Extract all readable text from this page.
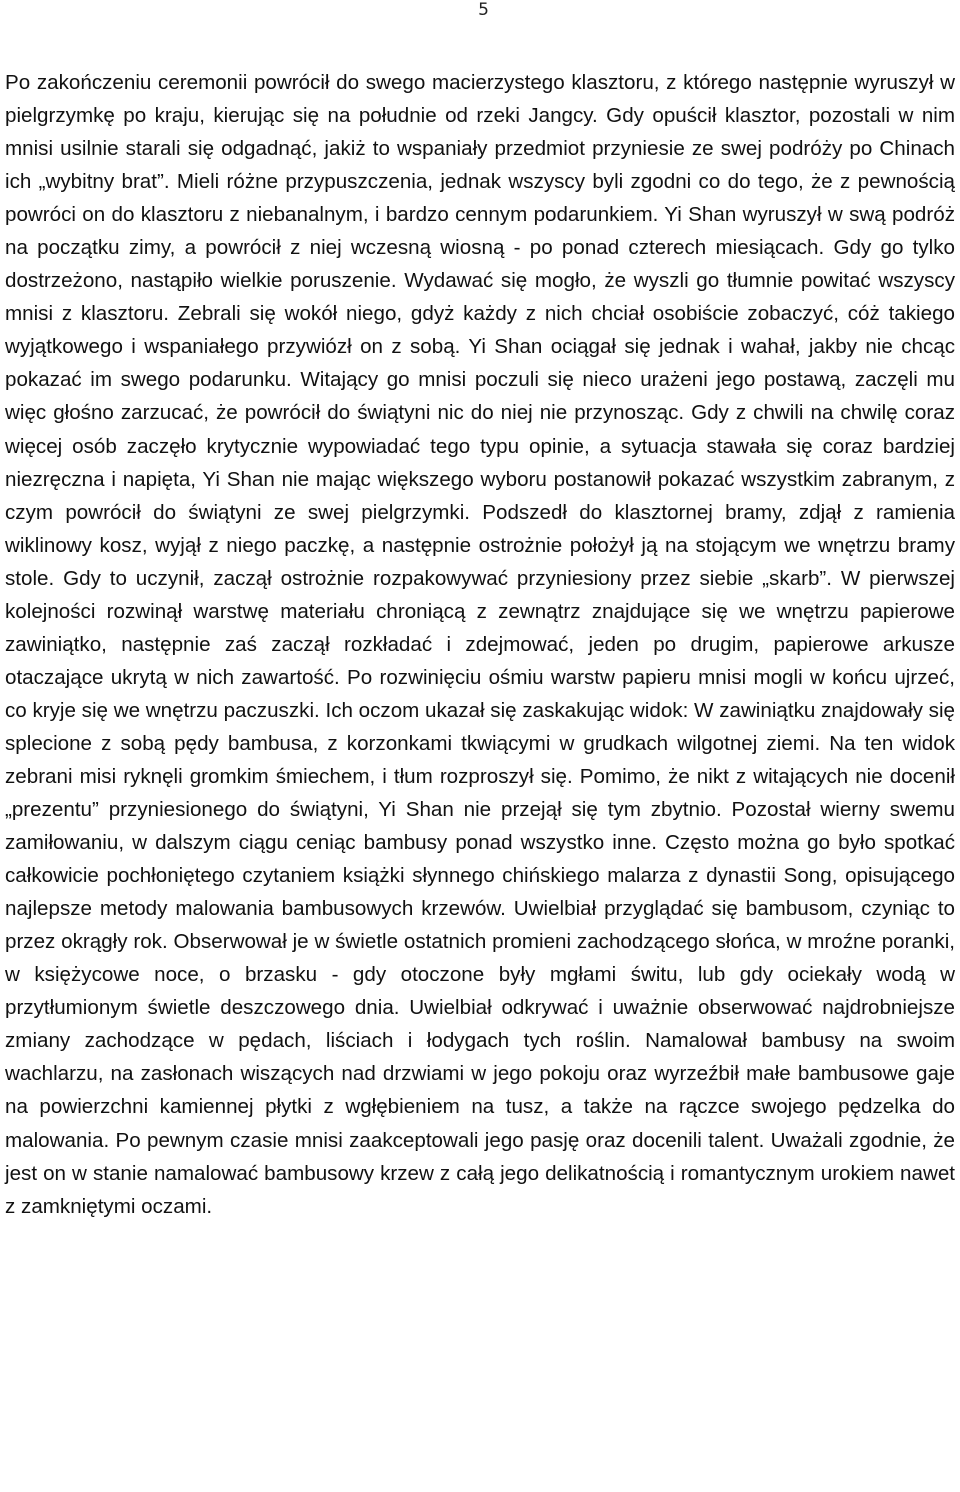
5

Po zakończeniu ceremonii powrócił do swego macierzystego klasztoru, z którego następnie wyruszył w pielgrzymkę po kraju, kierując się na południe od rzeki Jangcy. Gdy opuścił klasztor, pozostali w nim mnisi usilnie starali się odgadnąć, jakiż to wspaniały przedmiot przyniesie ze swej podróży po Chinach ich „wybitny brat”. Mieli różne przypuszczenia, jednak wszyscy byli zgodni co do tego, że z pewnością powróci on do klasztoru z niebanalnym, i bardzo cennym podarunkiem. Yi Shan wyruszył w swą podróż na początku zimy, a powrócił z niej wczesną wiosną - po ponad czterech miesiącach. Gdy go tylko dostrzeżono, nastąpiło wielkie poruszenie. Wydawać się mogło, że wyszli go tłumnie powitać wszyscy mnisi z klasztoru. Zebrali się wokół niego, gdyż każdy z nich chciał osobiście zobaczyć, cóż takiego wyjątkowego i wspaniałego przywiózł on z sobą. Yi Shan ociągał się jednak i wahał, jakby nie chcąc pokazać im swego podarunku. Witający go mnisi poczuli się nieco urażeni jego postawą, zaczęli mu więc głośno zarzucać, że powrócił do świątyni nic do niej nie przynosząc. Gdy z chwili na chwilę coraz więcej osób zaczęło krytycznie wypowiadać tego typu opinie, a sytuacja stawała się coraz bardziej niezręczna i napięta, Yi Shan nie mając większego wyboru postanowił pokazać wszystkim zabranym, z czym powrócił do świątyni ze swej pielgrzymki. Podszedł do klasztornej bramy, zdjął z ramienia wiklinowy kosz, wyjął z niego paczkę, a następnie ostrożnie położył ją na stojącym we wnętrzu bramy stole. Gdy to uczynił, zaczął ostrożnie rozpakowywać przyniesiony przez siebie „skarb”. W pierwszej kolejności rozwinął warstwę materiału chroniącą z zewnątrz znajdujące się we wnętrzu papierowe zawiniątko, następnie zaś zaczął rozkładać i zdejmować, jeden po drugim, papierowe arkusze otaczające ukrytą w nich zawartość. Po rozwinięciu ośmiu warstw papieru mnisi mogli w końcu ujrzeć, co kryje się we wnętrzu paczuszki. Ich oczom ukazał się zaskakując widok: W zawiniątku znajdowały się splecione z sobą pędy bambusa, z korzonkami tkwiącymi w grudkach wilgotnej ziemi. Na ten widok zebrani misi ryknęli gromkim śmiechem, i tłum rozproszył się. Pomimo, że nikt z witających nie docenił „prezentu” przyniesionego do świątyni, Yi Shan nie przejął się tym zbytnio. Pozostał wierny swemu zamiłowaniu, w dalszym ciągu ceniąc bambusy ponad wszystko inne. Często można go było spotkać całkowicie pochłoniętego czytaniem książki słynnego chińskiego malarza z dynastii Song, opisującego najlepsze metody malowania bambusowych krzewów. Uwielbiał przyglądać się bambusom, czyniąc to przez okrągły rok. Obserwował je w świetle ostatnich promieni zachodzącego słońca, w mroźne poranki, w księżycowe noce, o brzasku - gdy otoczone były mgłami świtu, lub gdy ociekały wodą w przytłumionym świetle deszczowego dnia. Uwielbiał odkrywać i uważnie obserwować najdrobniejsze zmiany zachodzące w pędach, liściach i łodygach tych roślin. Namalował bambusy na swoim wachlarzu, na zasłonach wiszących nad drzwiami w jego pokoju oraz wyrzeźbił małe bambusowe gaje na powierzchni kamiennej płytki z wgłębieniem na tusz, a także na rączce swojego pędzelka do malowania. Po pewnym czasie mnisi zaakceptowali jego pasję oraz docenili talent. Uważali zgodnie, że jest on w stanie namalować bambusowy krzew z całą jego delikatnością i romantycznym urokiem nawet z zamkniętymi oczami.
